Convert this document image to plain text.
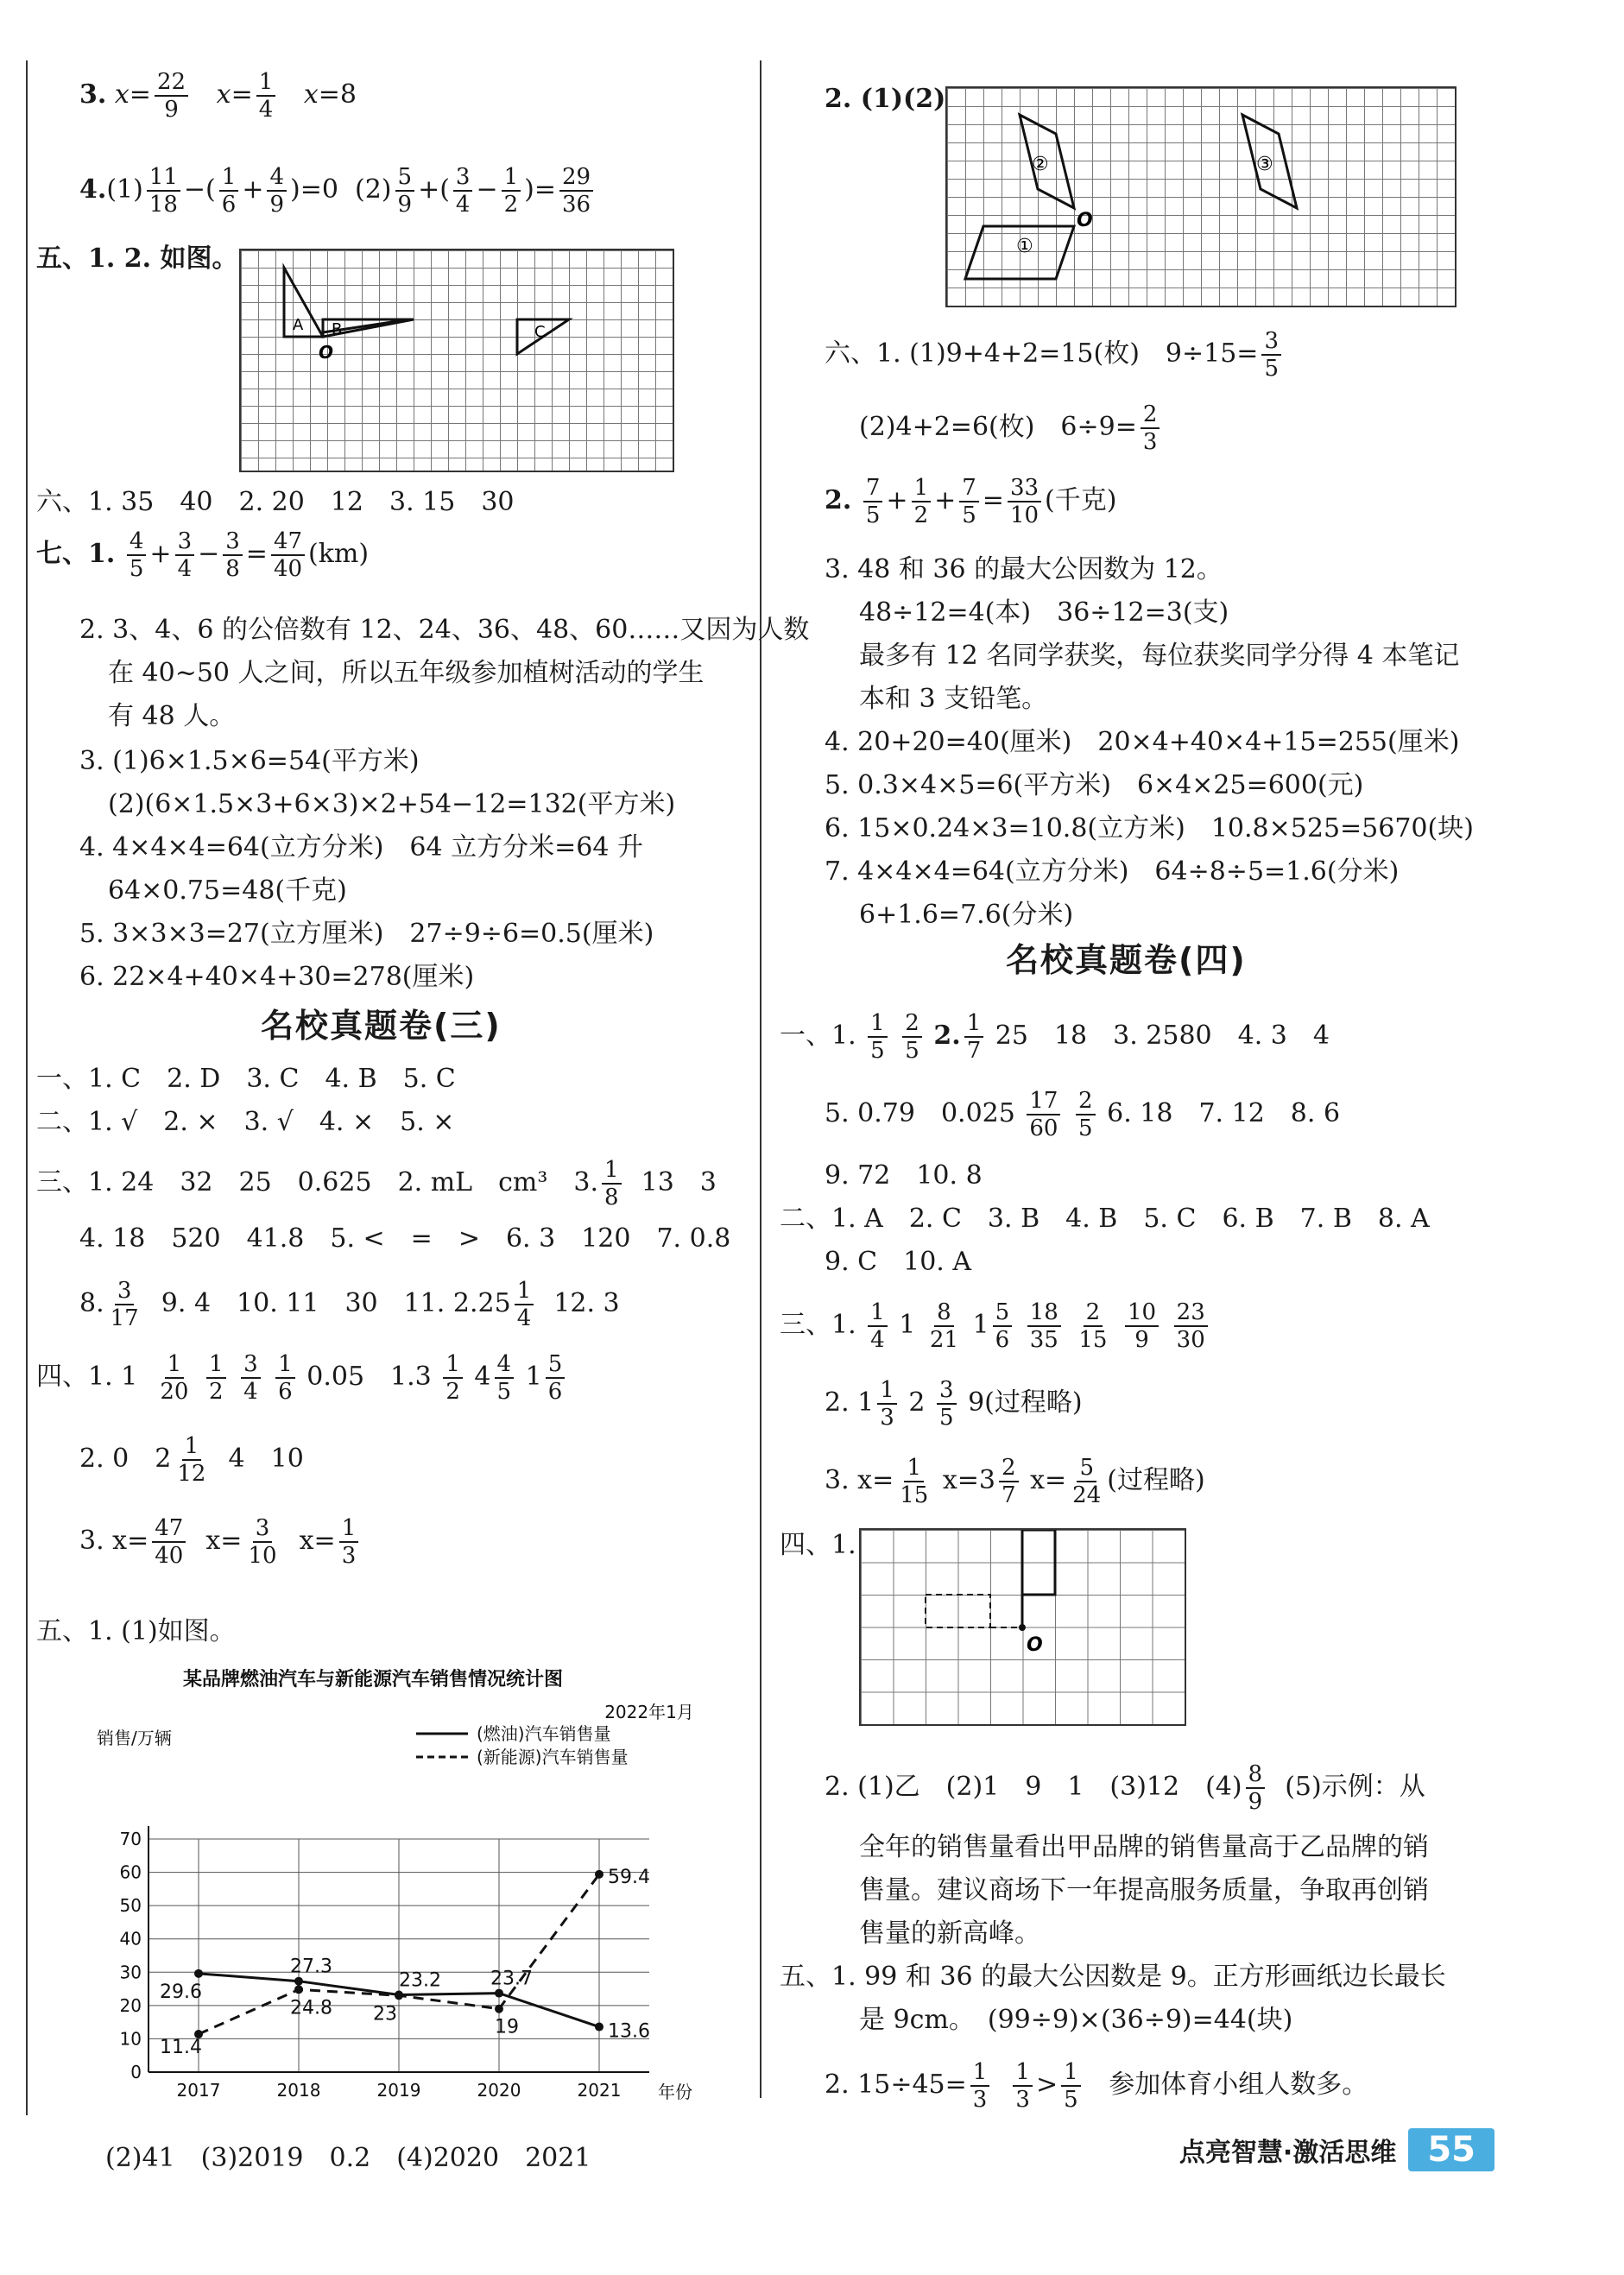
3. $x= \frac{22}{9} x= \frac{1}{4} x=8$
$4.(1) \frac{11}{18}$ −( $\frac{1}{6} + \frac{4}{9} )=0$ $(2) \frac{5}{9}$ +( $\frac{3}{4} - \frac{1}{2}$ )= $\frac{29}{36}$
五、1. 2. 如图。
A B	C
O
六、1. 35　40　2. 20　12　3. 15　30
七、1. $\frac{4}{5} + \frac{3}{4} - \frac{3}{8} = \frac{47}{40} (km)$
2. 3、4、6 的公倍数有 12、24、36、48、60……又因为人数
在 40~50 人之间，所以五年级参加植树活动的学生
有 48 人。
3. (1)6×1.5×6=54(平方米)
(2)(6×1.5×3+6×3)×2+54−12=132(平方米)
4. 4×4×4=64(立方分米)　64 立方分米=64 升
64×0.75=48(千克)
5. 3×3×3=27(立方厘米)　27÷9÷6=0.5(厘米)
6. 22×4+40×4+30=278(厘米)
名校真题卷(三)
一、1. C　2. D　3. C　4. B　5. C
二、1. √　2. ×　3. √　4. ×　5. ×
三、1. 24　32　25　0.625　2. mL　cm³　3. $\frac{1}{8} 13$　3
4. 18　520　41.8　5. <　=　>　6. 3　120　7. 0.8
8. $\frac{3}{17} 9$. 4　10. 11　30　11. $2.25 \frac{1}{4} 12$. 3
四、1. $1 \frac{1}{20}$
$\frac{1}{2}$
$\frac{3}{4}$
$\frac{1}{6} 0.05$　$1.3 \frac{1}{2} 4 \frac{4}{5} 1 \frac{5}{6}$
2. 0　$2 \frac{1}{12} 4$　10
3. $x= \frac{47}{40} x= \frac{3}{10} x= \frac{1}{3}$
五、1. (1)如图。
某品牌燃油汽车与新能源汽车销售情况统计图
2022年1月
销售/万辆
年份
(燃油)汽车销售量
(新能源)汽车销售量
0
10
20
30
40
50
60
70
2017	2018	2019	2020	2021
29.6
27.3
23.2	23.7
13.6
11.4
24.8 23
19
59.4
(2)41　(3)2019　0.2　(4)2020　2021
2. (1)(2)
②	③
①
O
六、1. (1)9+4+2=15(枚)　$9\div 15= \frac{3}{5}$
(2)4+2=6(枚)　$6\div 9= \frac{2}{3}$
2. $\frac{7}{5} + \frac{1}{2} + \frac{7}{5} = \frac{33}{10}$ (千克)
3. 48 和 36 的最大公因数为 12。
48÷12=4(本)　36÷12=3(支)
最多有 12 名同学获奖，每位获奖同学分得 4 本笔记
本和 3 支铅笔。
4. 20+20=40(厘米)　20×4+40×4+15=255(厘米)
5. 0.3×4×5=6(平方米)　6×4×25=600(元)
6. 15×0.24×3=10.8(立方米)　10.8×525=5670(块)
7. 4×4×4=64(立方分米)　64÷8÷5=1.6(分米)
6+1.6=7.6(分米)
名校真题卷(四)
一、1. $\frac{1}{5}$
$\frac{2}{5} 2$. $\frac{1}{7} 25$　18　3. 2580　4. 3　4
5. 0.79　$0.025 \frac{17}{60}$
$\frac{2}{5} 6$. 18　7. 12　8. 6
9. 72　10. 8
二、1. A　2. C　3. B　4. B　5. C　6. B　7. B　8. A
9. C　10. A
三、1. $\frac{1}{4} 1 \frac{8}{21} 1 \frac{5}{6}$
$\frac{18}{35}$
$\frac{2}{15}$
$\frac{10}{9}$
$\frac{23}{30}$
2. $1 \frac{1}{3} 2 \frac{3}{5} 9$(过程略)
3. $x= \frac{1}{15} x=3 \frac{2}{7} x= \frac{5}{24}$ (过程略)
四、1.
O
2. (1)乙　(2)1　9　1　(3)12　$(4) \frac{8}{9} (5)$示例：从
全年的销售量看出甲品牌的销售量高于乙品牌的销
售量。建议商场下一年提高服务质量，争取再创销
售量的新高峰。
五、1. 99 和 36 的最大公因数是 9。正方形画纸边长最长
是 9cm。　(99÷9)×(36÷9)=44(块)
2. $15\div 45= \frac{1}{3}$
$\frac{1}{3} > \frac{1}{5}$ 参加体育小组人数多。
点亮智慧·激活思维 55
